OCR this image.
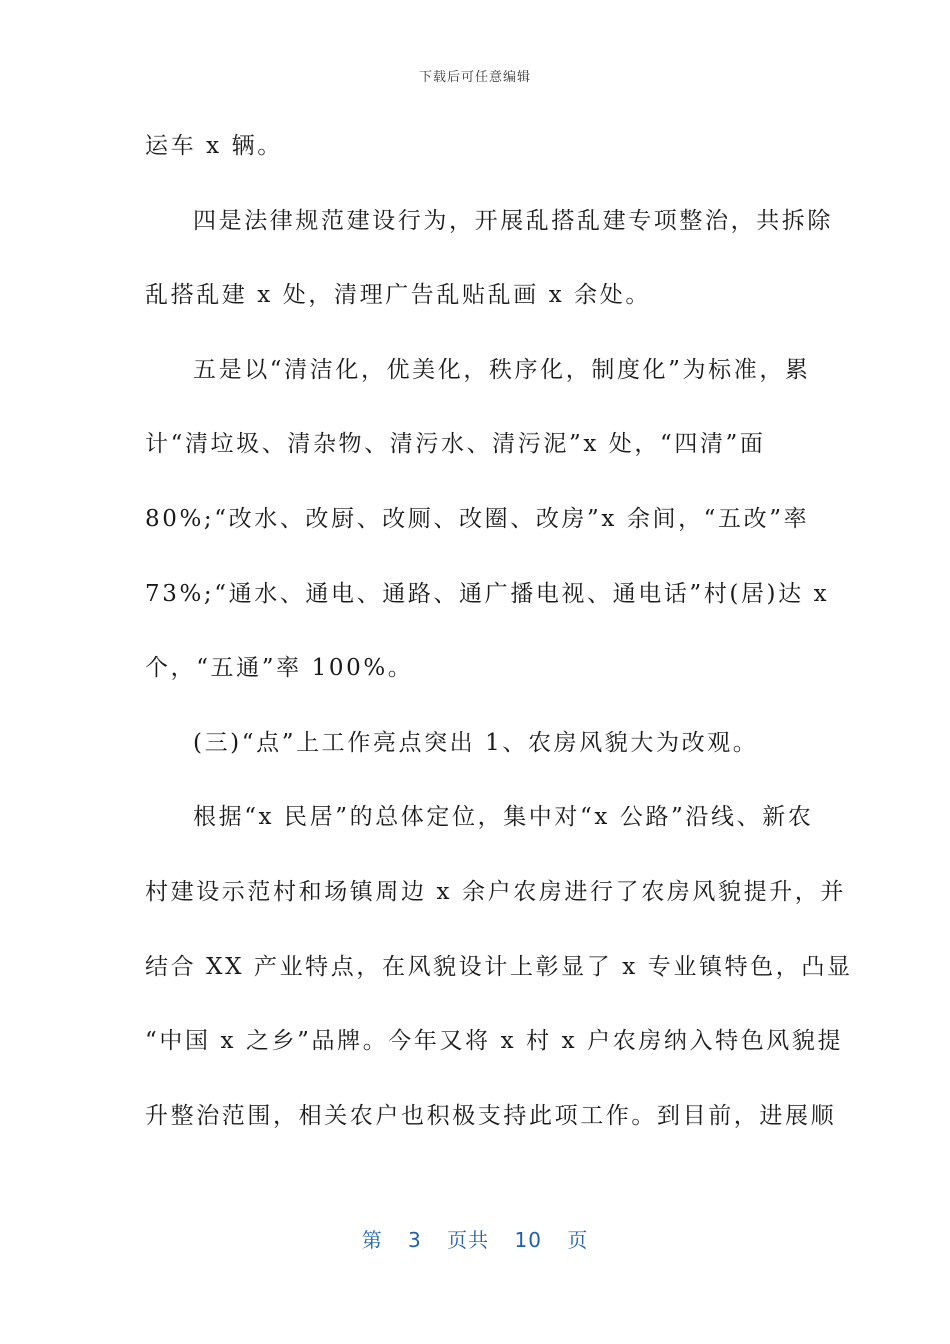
下载后可任意编辑
运车 x 辆。
四是法律规范建设行为，开展乱搭乱建专项整治，共拆除
乱搭乱建 x 处，清理广告乱贴乱画 x 余处。
五是以“清洁化，优美化，秩序化，制度化”为标准，累
计“清垃圾、清杂物、清污水、清污泥”x 处，“四清”面
80%;“改水、改厨、改厕、改圈、改房”x 余间，“五改”率
73%;“通水、通电、通路、通广播电视、通电话”村(居)达 x
个，“五通”率 100%。
(三)“点”上工作亮点突出 1、农房风貌大为改观。
根据“x 民居”的总体定位，集中对“x 公路”沿线、新农
村建设示范村和场镇周边 x 余户农房进行了农房风貌提升，并
结合 XX 产业特点，在风貌设计上彰显了 x 专业镇特色，凸显
“中国 x 之乡”品牌。今年又将 x 村 x 户农房纳入特色风貌提
升整治范围，相关农户也积极支持此项工作。到目前，进展顺
第 3 页共 10 页
